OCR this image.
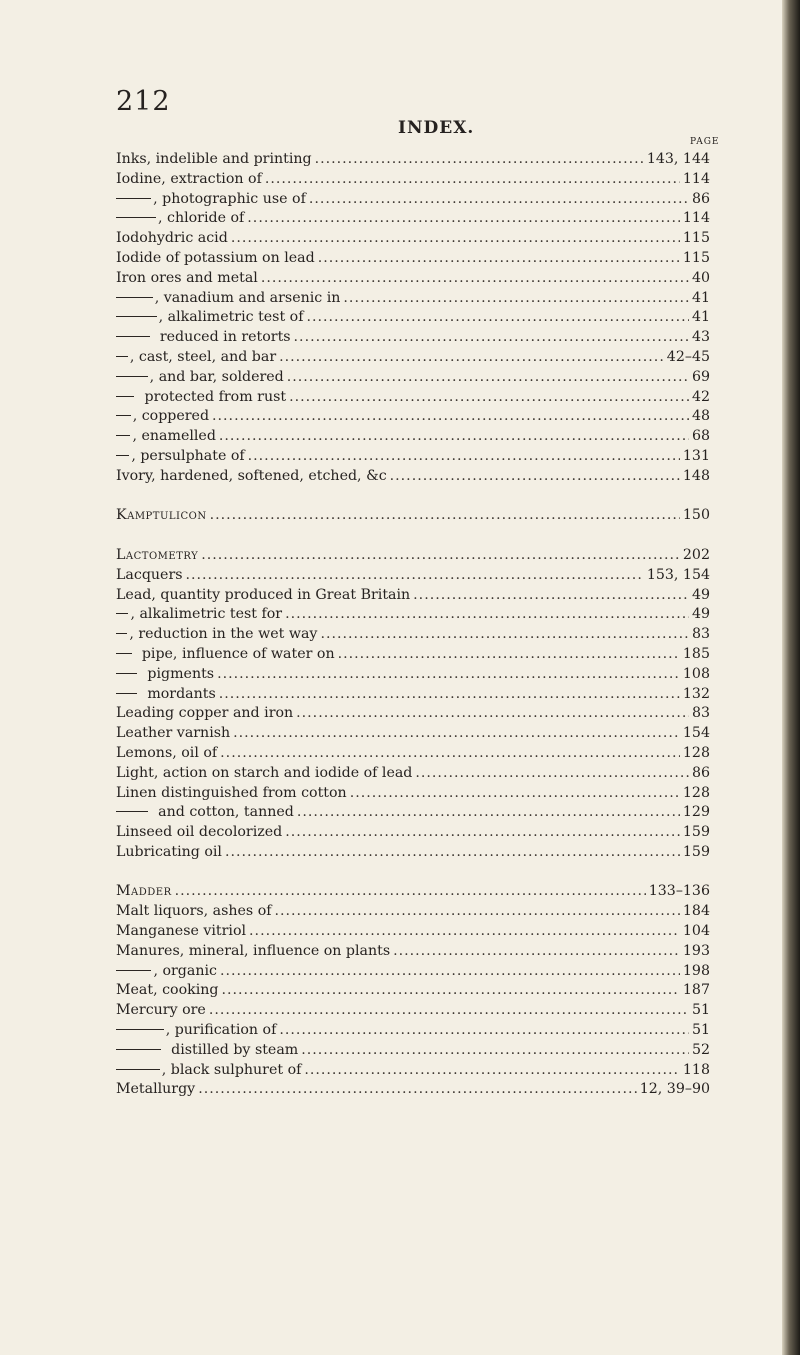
212
INDEX.
PAGE
Inks, indelible and printing .....	143, 144
Iodine, extraction of .....	114
, photographic use of .....	86
, chloride of .....	114
Iodohydric acid .....	115
Iodide of potassium on lead .....	115
Iron ores and metal .....	40
, vanadium and arsenic in .....	41
, alkalimetric test of .....	41
reduced in retorts .....	43
, cast, steel, and bar .....	42–45
, and bar, soldered .....	69
protected from rust .....	42
, coppered .....	48
, enamelled .....	68
, persulphate of .....	131
Ivory, hardened, softened, etched, &c .....	148
Kamptulicon .....	150
Lactometry .....	202
Lacquers .....	153, 154
Lead, quantity produced in Great Britain .....	49
, alkalimetric test for .....	49
, reduction in the wet way .....	83
pipe, influence of water on .....	185
pigments .....	108
mordants .....	132
Leading copper and iron .....	83
Leather varnish .....	154
Lemons, oil of .....	128
Light, action on starch and iodide of lead .....	86
Linen distinguished from cotton .....	128
and cotton, tanned .....	129
Linseed oil decolorized .....	159
Lubricating oil .....	159
Madder .....	133–136
Malt liquors, ashes of .....	184
Manganese vitriol .....	104
Manures, mineral, influence on plants .....	193
, organic .....	198
Meat, cooking .....	187
Mercury ore .....	51
, purification of .....	51
distilled by steam .....	52
, black sulphuret of .....	118
Metallurgy .....	12, 39–90
